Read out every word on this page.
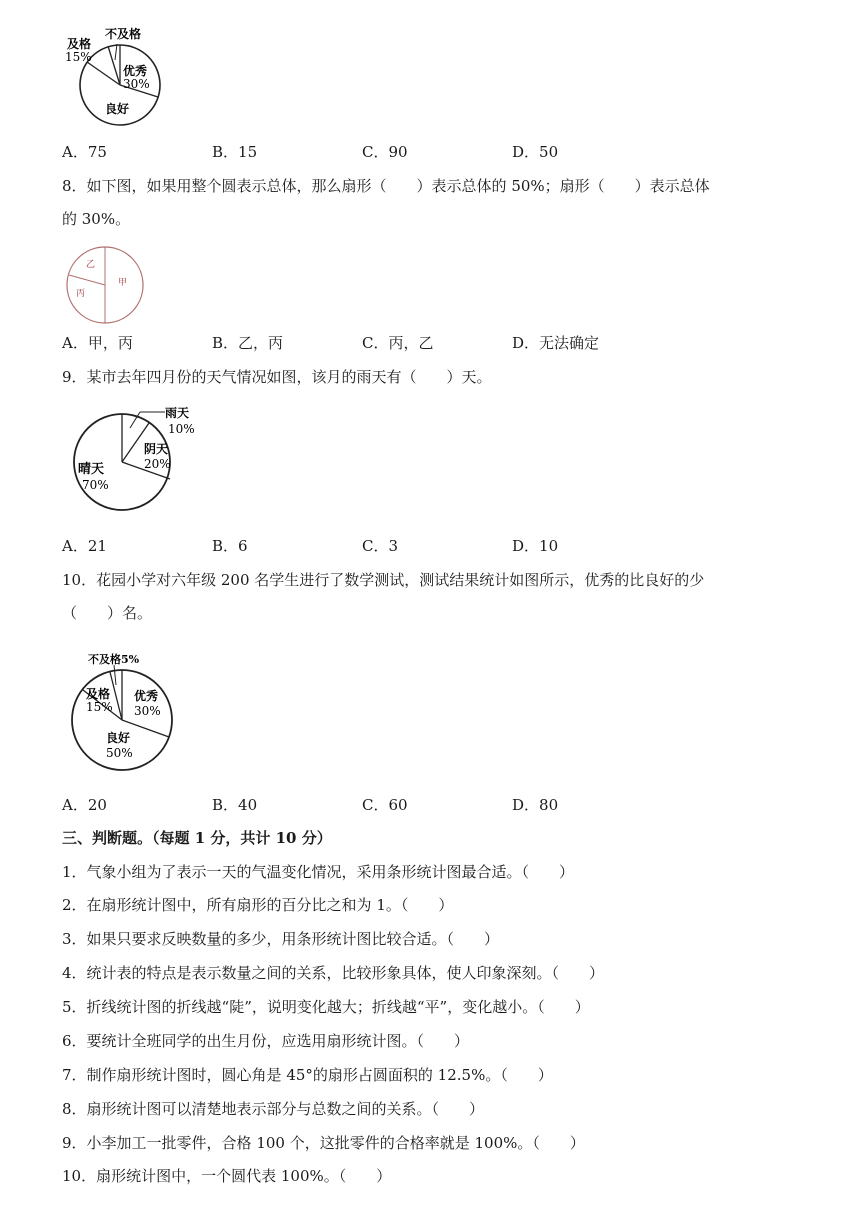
不及格
及格
15%
优秀
30%
良好
A．75	B．15	C．90	D．50
8．如下图，如果用整个圆表示总体，那么扇形（　　）表示总体的 50%；扇形（　　）表示总体
的 30%。
乙
丙
甲
A．甲，丙	B．乙，丙	C．丙，乙	D．无法确定
9．某市去年四月份的天气情况如图，该月的雨天有（　　）天。
雨天
10%
阴天
20%
晴天
70%
A．21	B．6	C．3	D．10
10．花园小学对六年级 200 名学生进行了数学测试，测试结果统计如图所示，优秀的比良好的少
（　　）名。
不及格5%
及格
15%
优秀
30%
良好
50%
A．20	B．40	C．60	D．80
三、判断题。（每题 1 分，共计 10 分）
1．气象小组为了表示一天的气温变化情况，采用条形统计图最合适。（　　）
2．在扇形统计图中，所有扇形的百分比之和为 1。（　　）
3．如果只要求反映数量的多少，用条形统计图比较合适。（　　）
4．统计表的特点是表示数量之间的关系，比较形象具体，使人印象深刻。（　　）
5．折线统计图的折线越“陡”，说明变化越大；折线越“平”，变化越小。（　　）
6．要统计全班同学的出生月份，应选用扇形统计图。（　　）
7．制作扇形统计图时，圆心角是 45°的扇形占圆面积的 12.5%。（　　）
8．扇形统计图可以清楚地表示部分与总数之间的关系。（　　）
9．小李加工一批零件，合格 100 个，这批零件的合格率就是 100%。（　　）
10．扇形统计图中，一个圆代表 100%。（　　）
